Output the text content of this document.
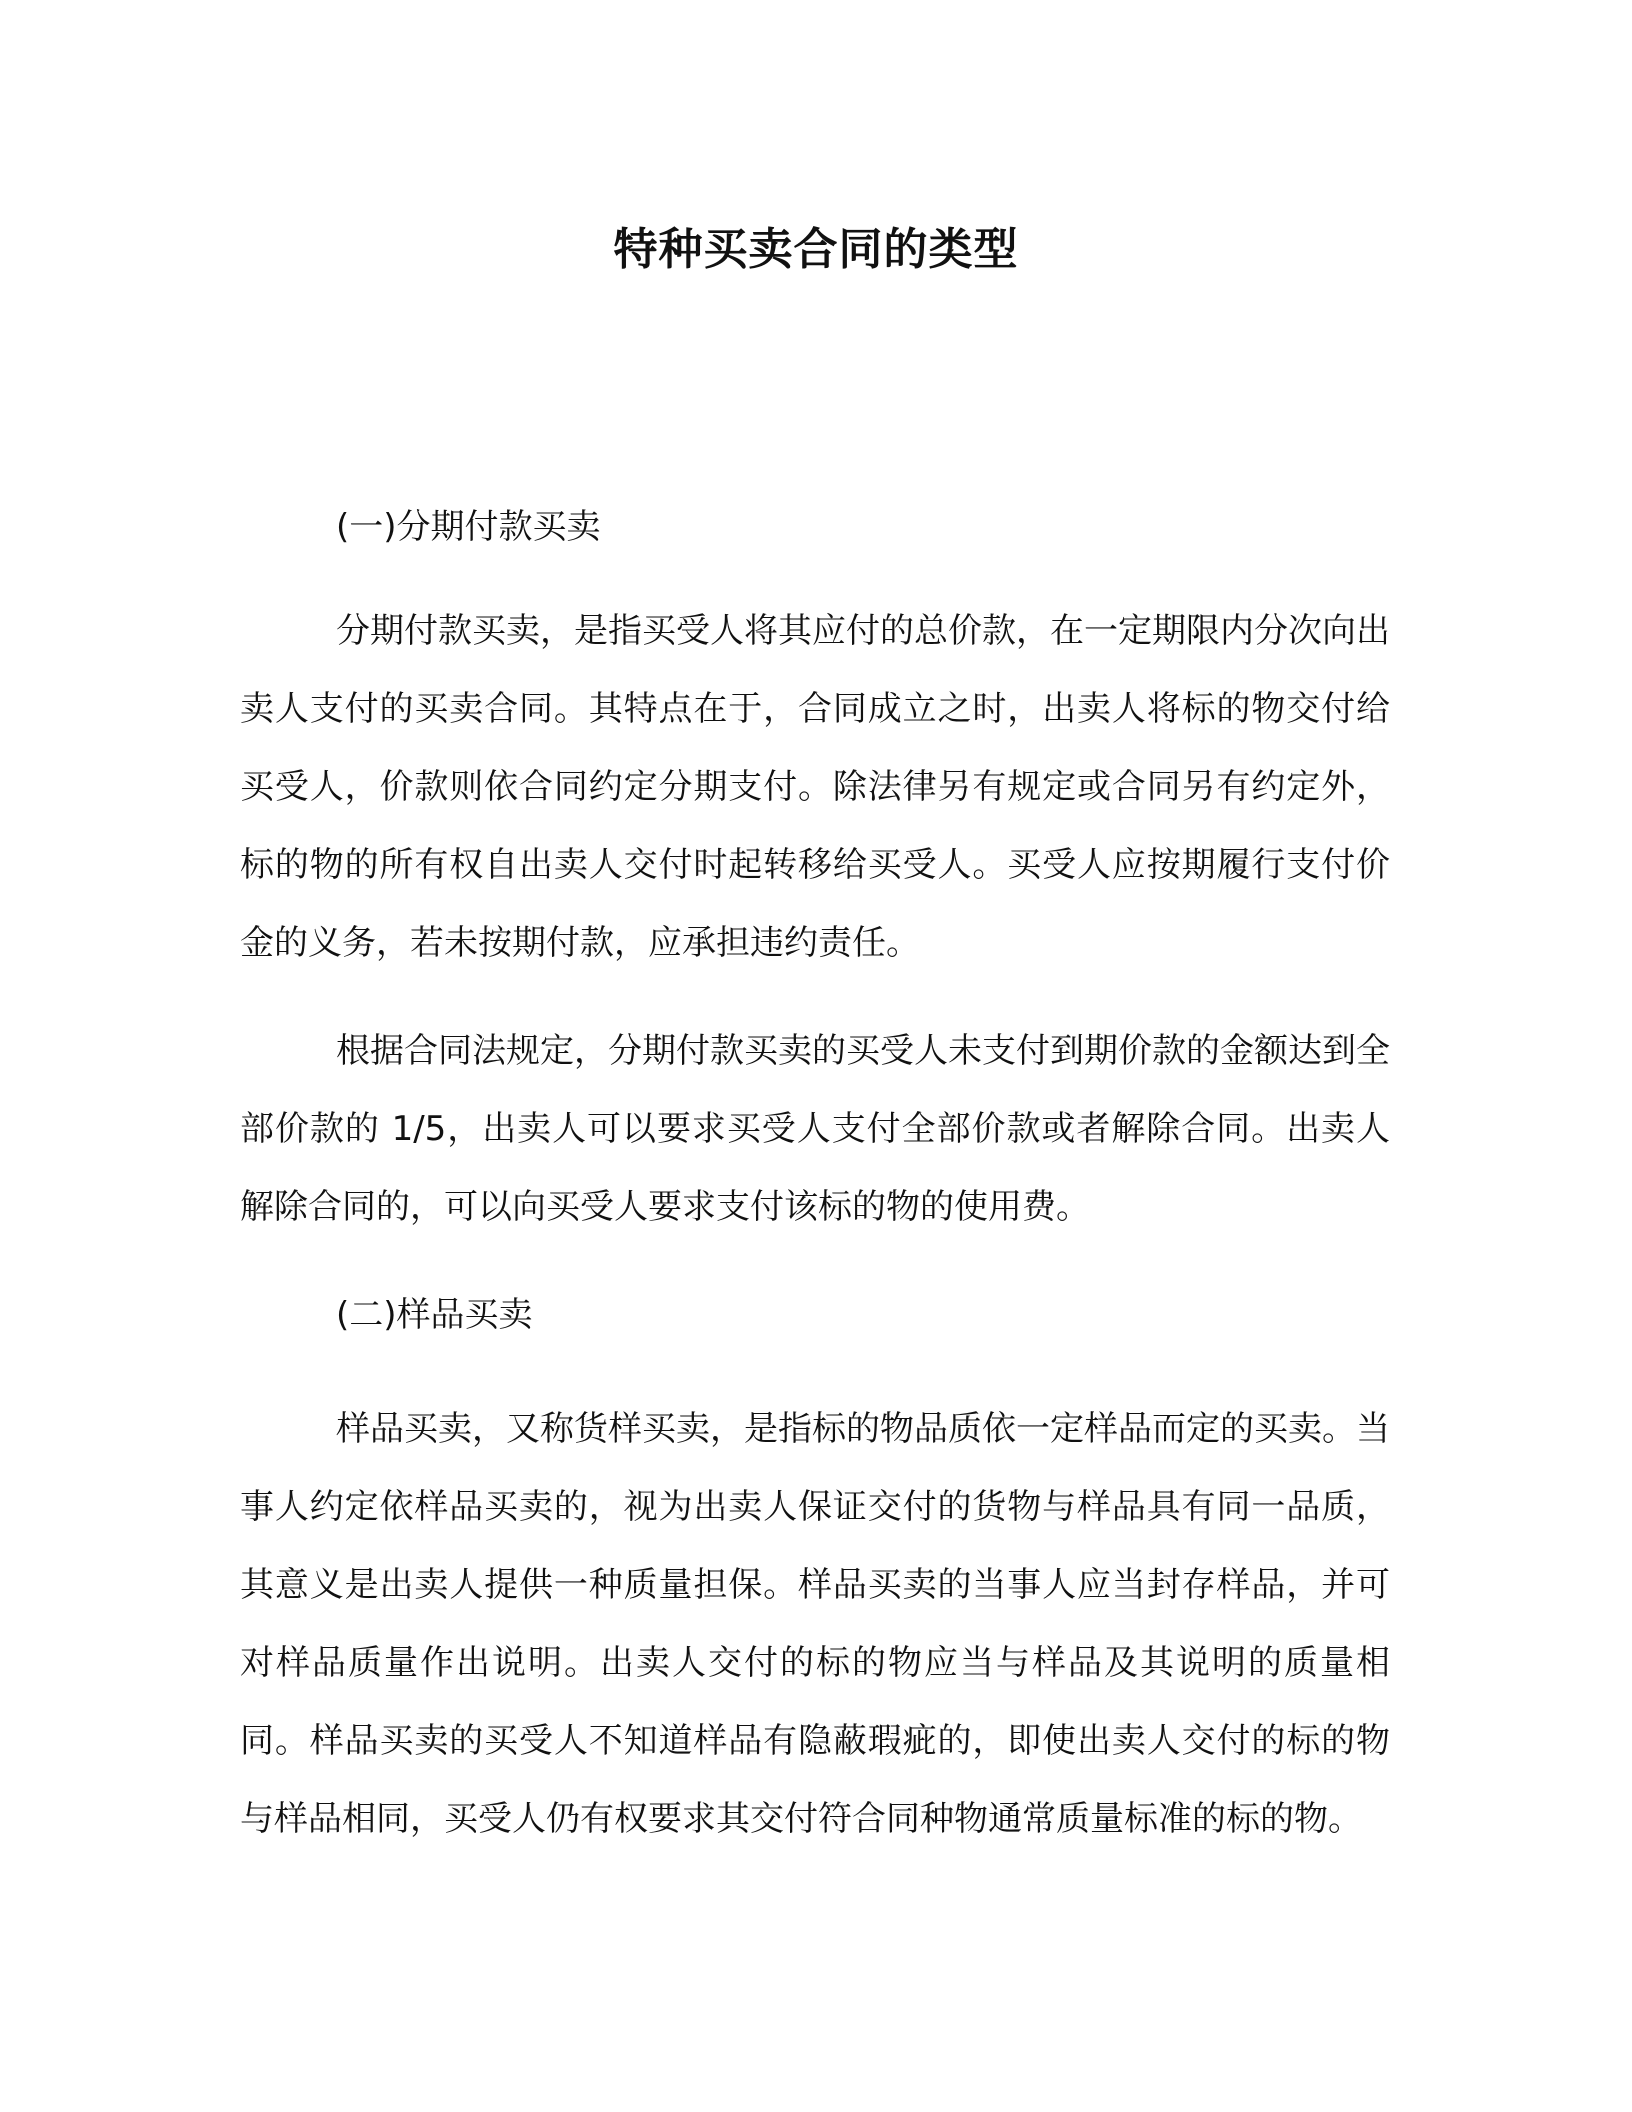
特种买卖合同的类型

(一)分期付款买卖

分期付款买卖，是指买受人将其应付的总价款，在一定期限内分次向出卖人支付的买卖合同。其特点在于，合同成立之时，出卖人将标的物交付给买受人，价款则依合同约定分期支付。除法律另有规定或合同另有约定外，标的物的所有权自出卖人交付时起转移给买受人。买受人应按期履行支付价金的义务，若未按期付款，应承担违约责任。

根据合同法规定，分期付款买卖的买受人未支付到期价款的金额达到全部价款的 1/5，出卖人可以要求买受人支付全部价款或者解除合同。出卖人解除合同的，可以向买受人要求支付该标的物的使用费。

(二)样品买卖

样品买卖，又称货样买卖，是指标的物品质依一定样品而定的买卖。当事人约定依样品买卖的，视为出卖人保证交付的货物与样品具有同一品质，其意义是出卖人提供一种质量担保。样品买卖的当事人应当封存样品，并可对样品质量作出说明。出卖人交付的标的物应当与样品及其说明的质量相同。样品买卖的买受人不知道样品有隐蔽瑕疵的，即使出卖人交付的标的物与样品相同，买受人仍有权要求其交付符合同种物通常质量标准的标的物。
